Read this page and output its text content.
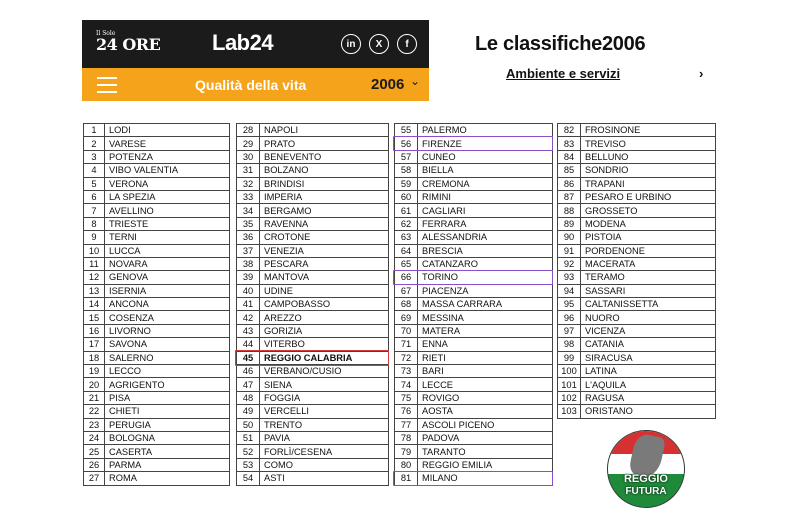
Il Sole
24 ORE Lab24	in	X	f
Qualità della vita	2006 ⌄
Le classifiche2006
Ambiente e servizi	›
1	LODI
2	VARESE
3	POTENZA
4	VIBO VALENTIA
5	VERONA
6	LA SPEZIA
7	AVELLINO
8	TRIESTE
9	TERNI
10	LUCCA
11	NOVARA
12	GENOVA
13	ISERNIA
14	ANCONA
15	COSENZA
16	LIVORNO
17	SAVONA
18	SALERNO
19	LECCO
20	AGRIGENTO
21	PISA
22	CHIETI
23	PERUGIA
24	BOLOGNA
25	CASERTA
26	PARMA
27	ROMA
28	NAPOLI
29	PRATO
30	BENEVENTO
31	BOLZANO
32	BRINDISI
33	IMPERIA
34	BERGAMO
35	RAVENNA
36	CROTONE
37	VENEZIA
38	PESCARA
39	MANTOVA
40	UDINE
41	CAMPOBASSO
42	AREZZO
43	GORIZIA
44	VITERBO
45	REGGIO CALABRIA
46	VERBANO/CUSIO
47	SIENA
48	FOGGIA
49	VERCELLI
50	TRENTO
51	PAVIA
52	FORLÌ/CESENA
53	COMO
54	ASTI
55	PALERMO
56	FIRENZE
57	CUNEO
58	BIELLA
59	CREMONA
60	RIMINI
61	CAGLIARI
62	FERRARA
63	ALESSANDRIA
64	BRESCIA
65	CATANZARO
66	TORINO
67	PIACENZA
68	MASSA CARRARA
69	MESSINA
70	MATERA
71	ENNA
72	RIETI
73	BARI
74	LECCE
75	ROVIGO
76	AOSTA
77	ASCOLI PICENO
78	PADOVA
79	TARANTO
80	REGGIO EMILIA
81	MILANO
82	FROSINONE
83	TREVISO
84	BELLUNO
85	SONDRIO
86	TRAPANI
87	PESARO E URBINO
88	GROSSETO
89	MODENA
90	PISTOIA
91	PORDENONE
92	MACERATA
93	TERAMO
94	SASSARI
95	CALTANISSETTA
96	NUORO
97	VICENZA
98	CATANIA
99	SIRACUSA
100	LATINA
101	L'AQUILA
102	RAGUSA
103	ORISTANO
REGGIO
FUTURA
